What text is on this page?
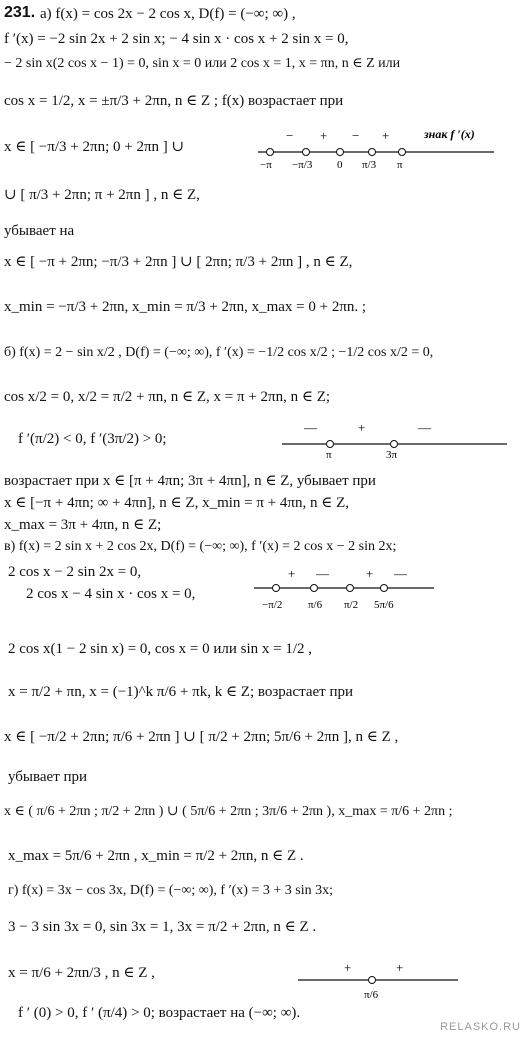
231. а) f(x) = cos 2x − 2 cos x, D(f) = (−∞; ∞) ,
f ′(x) = −2 sin 2x + 2 sin x; − 4 sin x · cos x + 2 sin x = 0,
− 2 sin x(2 cos x − 1) = 0, sin x = 0 или 2 cos x = 1, x = πn, n ∈ Z или
cos x = 1/2, x = ±π/3 + 2πn, n ∈ Z ; f(x) возрастает при
x ∈ [ −π/3 + 2πn; 0 + 2πn ] ∪
∪ [ π/3 + 2πn; π + 2πn ] , n ∈ Z,
убывает на
x ∈ [ −π + 2πn; −π/3 + 2πn ] ∪ [ 2πn; π/3 + 2πn ] , n ∈ Z,
x_min = −π/3 + 2πn, x_min = π/3 + 2πn, x_max = 0 + 2πn. ;
б) f(x) = 2 − sin x/2 , D(f) = (−∞; ∞), f ′(x) = −1/2 cos x/2 ; −1/2 cos x/2 = 0,
cos x/2 = 0, x/2 = π/2 + πn, n ∈ Z, x = π + 2πn, n ∈ Z;
f ′(π/2) < 0, f ′(3π/2) > 0;
возрастает при x ∈ [π + 4πn; 3π + 4πn], n ∈ Z, убывает при
x ∈ [−π + 4πn; ∞ + 4πn], n ∈ Z, x_min = π + 4πn, n ∈ Z,
x_max = 3π + 4πn, n ∈ Z;
в) f(x) = 2 sin x + 2 cos 2x, D(f) = (−∞; ∞), f ′(x) = 2 cos x − 2 sin 2x;
2 cos x − 2 sin 2x = 0,
2 cos x − 4 sin x · cos x = 0,
2 cos x(1 − 2 sin x) = 0, cos x = 0 или sin x = 1/2 ,
x = π/2 + πn, x = (−1)^k π/6 + πk, k ∈ Z; возрастает при
x ∈ [ −π/2 + 2πn; π/6 + 2πn ] ∪ [ π/2 + 2πn; 5π/6 + 2πn ], n ∈ Z ,
убывает при
x ∈ ( π/6 + 2πn ; π/2 + 2πn ) ∪ ( 5π/6 + 2πn ; 3π/6 + 2πn ), x_max = π/6 + 2πn ;
x_max = 5π/6 + 2πn , x_min = π/2 + 2πn, n ∈ Z .
г) f(x) = 3x − cos 3x, D(f) = (−∞; ∞), f ′(x) = 3 + 3 sin 3x;
3 − 3 sin 3x = 0, sin 3x = 1, 3x = π/2 + 2πn, n ∈ Z .
x = π/6 + 2πn/3 , n ∈ Z ,
f ′ (0) > 0, f ′ (π/4) > 0; возрастает на (−∞; ∞).
знак f ′(x)
− + − +
−π −π/3 0 π/3 π
—	+	—
π	3π
+ —	+ —
−π/2 π/6 π/2 5π/6
+	+
π/6
RELASKO.RU
